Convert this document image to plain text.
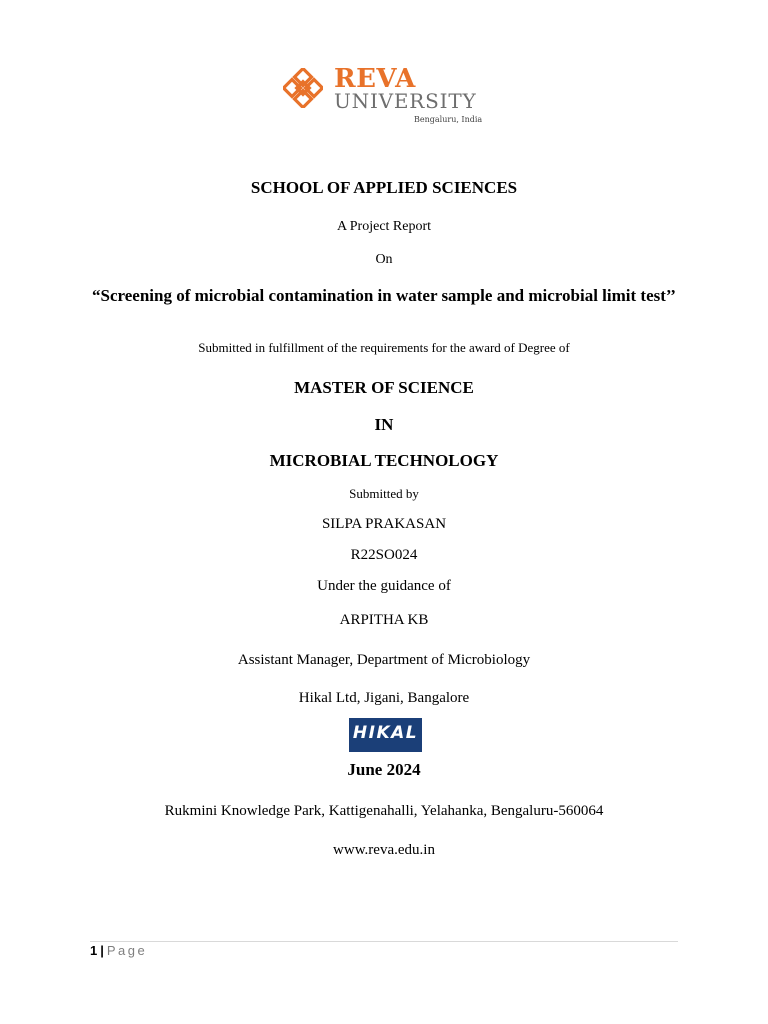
REVA
UNIVERSITY
Bengaluru, India
SCHOOL OF APPLIED SCIENCES
A Project Report
On
“Screening of microbial contamination in water sample and microbial limit test’’
Submitted in fulfillment of the requirements for the award of Degree of
MASTER OF SCIENCE
IN
MICROBIAL TECHNOLOGY
Submitted by
SILPA PRAKASAN
R22SO024
Under the guidance of
ARPITHA KB
Assistant Manager, Department of Microbiology
Hikal Ltd, Jigani, Bangalore
HIKAL
June 2024
Rukmini Knowledge Park, Kattigenahalli, Yelahanka, Bengaluru-560064
www.reva.edu.in
1 | Page
